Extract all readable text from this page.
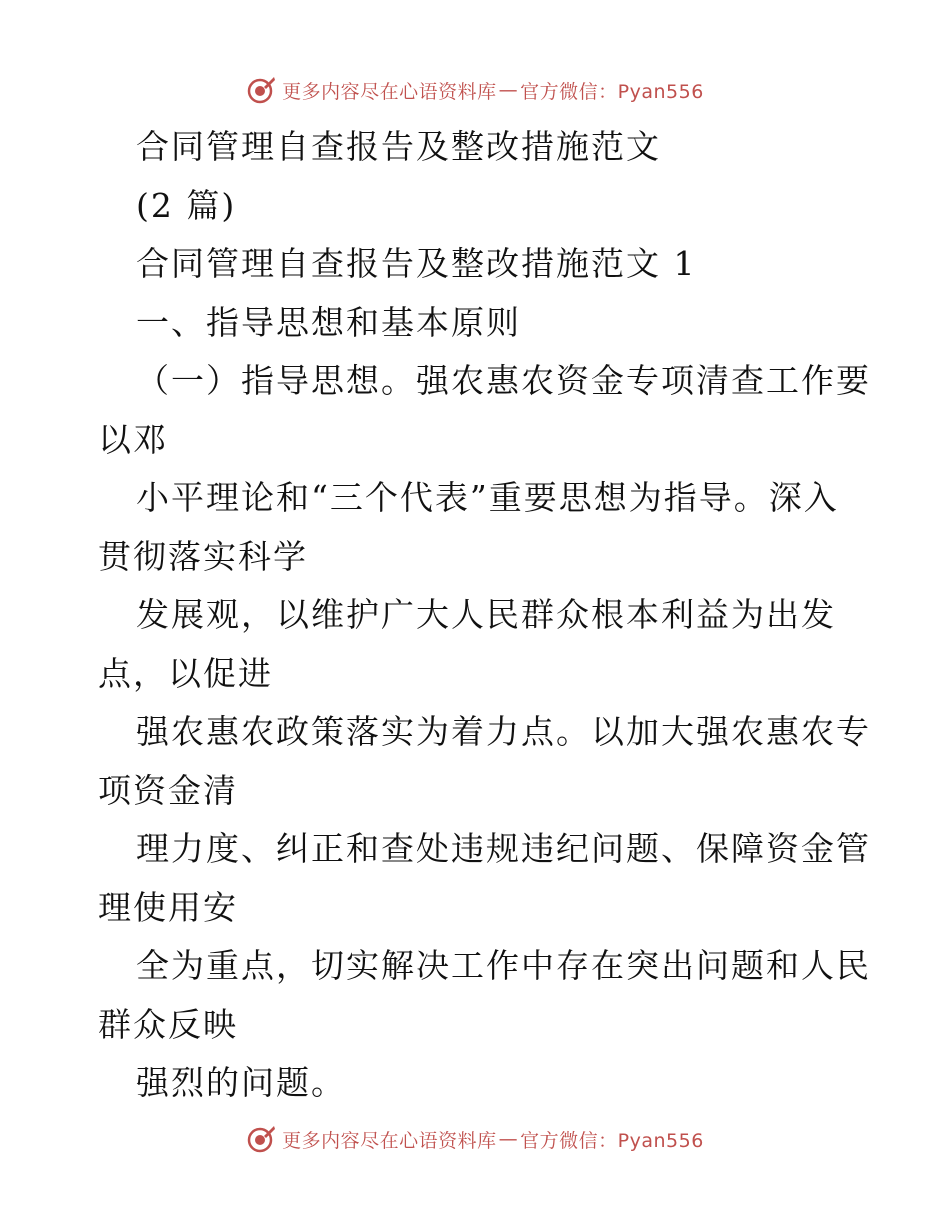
更多内容尽在心语资料库 — 官方微信：Pyan556
合同管理自查报告及整改措施范文
(2 篇)
合同管理自查报告及整改措施范文 1
一、指导思想和基本原则
（一）指导思想。强农惠农资金专项清查工作要
以邓
小平理论和“三个代表”重要思想为指导。深入
贯彻落实科学
发展观，以维护广大人民群众根本利益为出发
点，以促进
强农惠农政策落实为着力点。以加大强农惠农专
项资金清
理力度、纠正和查处违规违纪问题、保障资金管
理使用安
全为重点，切实解决工作中存在突出问题和人民
群众反映
强烈的问题。
更多内容尽在心语资料库 — 官方微信：Pyan556
